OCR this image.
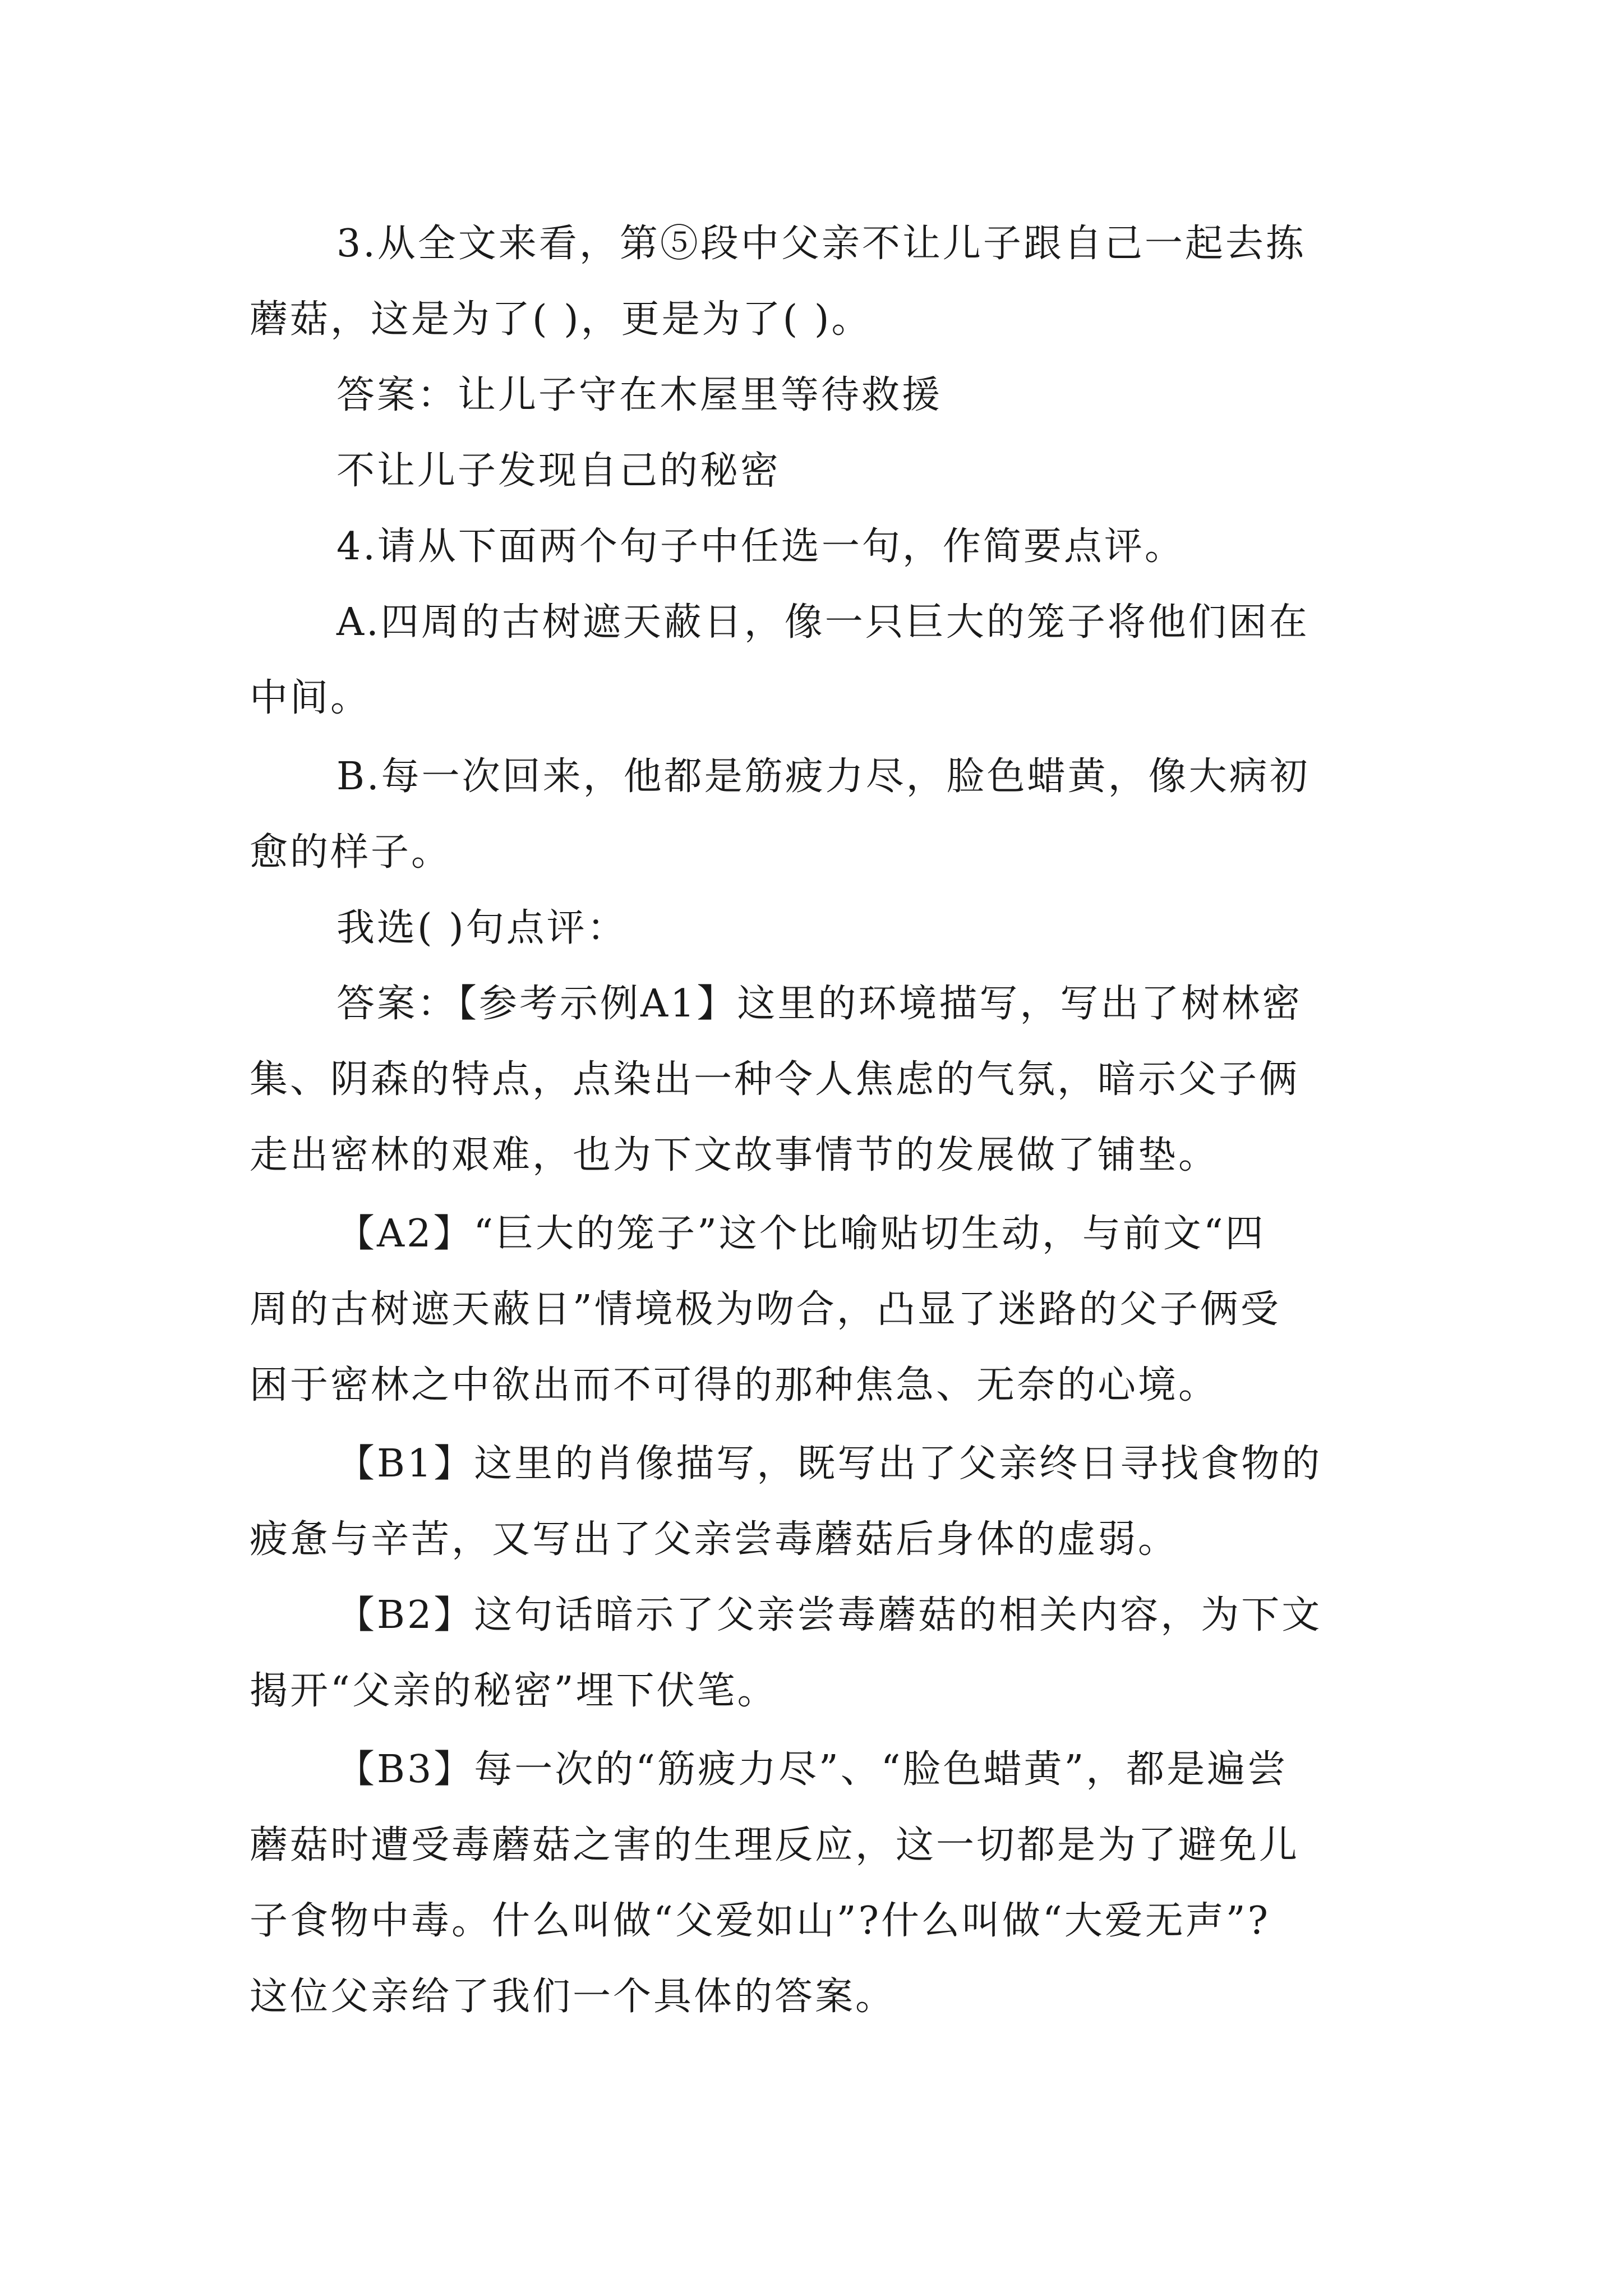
3.从全文来看，第⑤段中父亲不让儿子跟自己一起去拣
蘑菇，这是为了( )，更是为了( )。
答案：让儿子守在木屋里等待救援
不让儿子发现自己的秘密
4.请从下面两个句子中任选一句，作简要点评。
A.四周的古树遮天蔽日，像一只巨大的笼子将他们困在
中间。
B.每一次回来，他都是筋疲力尽，脸色蜡黄，像大病初
愈的样子。
我选( )句点评：
答案：【参考示例A1】这里的环境描写，写出了树林密
集、阴森的特点，点染出一种令人焦虑的气氛，暗示父子俩
走出密林的艰难，也为下文故事情节的发展做了铺垫。
【A2】“巨大的笼子”这个比喻贴切生动，与前文“四
周的古树遮天蔽日”情境极为吻合，凸显了迷路的父子俩受
困于密林之中欲出而不可得的那种焦急、无奈的心境。
【B1】这里的肖像描写，既写出了父亲终日寻找食物的
疲惫与辛苦，又写出了父亲尝毒蘑菇后身体的虚弱。
【B2】这句话暗示了父亲尝毒蘑菇的相关内容，为下文
揭开“父亲的秘密”埋下伏笔。
【B3】每一次的“筋疲力尽”、“脸色蜡黄”，都是遍尝
蘑菇时遭受毒蘑菇之害的生理反应，这一切都是为了避免儿
子食物中毒。什么叫做“父爱如山”?什么叫做“大爱无声”?
这位父亲给了我们一个具体的答案。
